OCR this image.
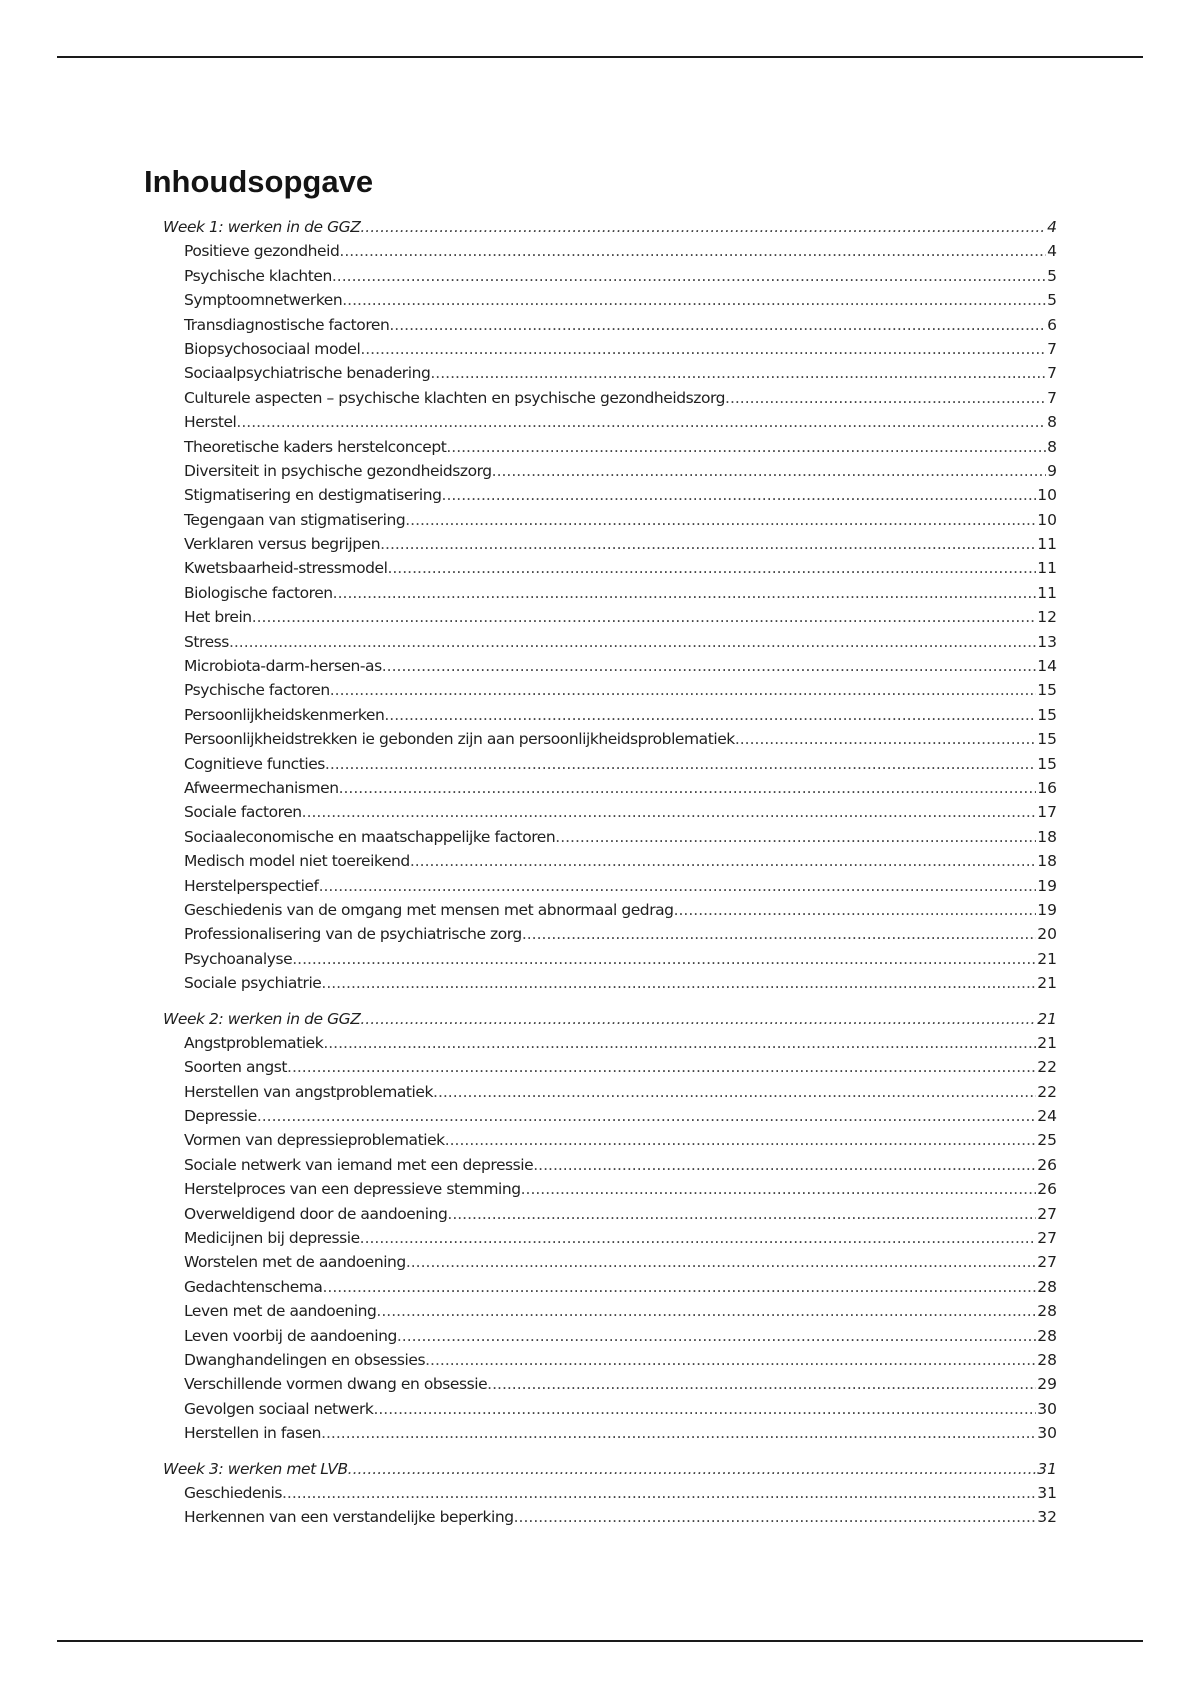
Inhoudsopgave
Week 1: werken in de GGZ .....	4
Positieve gezondheid .....	4
Psychische klachten .....	5
Symptoomnetwerken .....	5
Transdiagnostische factoren .....	6
Biopsychosociaal model .....	7
Sociaalpsychiatrische benadering .....	7
Culturele aspecten – psychische klachten en psychische gezondheidszorg .....	7
Herstel .....	8
Theoretische kaders herstelconcept .....	8
Diversiteit in psychische gezondheidszorg .....	9
Stigmatisering en destigmatisering .....	10
Tegengaan van stigmatisering .....	10
Verklaren versus begrijpen .....	11
Kwetsbaarheid-stressmodel .....	11
Biologische factoren .....	11
Het brein .....	12
Stress .....	13
Microbiota-darm-hersen-as .....	14
Psychische factoren .....	15
Persoonlijkheidskenmerken .....	15
Persoonlijkheidstrekken ie gebonden zijn aan persoonlijkheidsproblematiek .....	15
Cognitieve functies .....	15
Afweermechanismen .....	16
Sociale factoren .....	17
Sociaaleconomische en maatschappelijke factoren .....	18
Medisch model niet toereikend .....	18
Herstelperspectief .....	19
Geschiedenis van de omgang met mensen met abnormaal gedrag .....	19
Professionalisering van de psychiatrische zorg .....	20
Psychoanalyse .....	21
Sociale psychiatrie .....	21
Week 2: werken in de GGZ .....	21
Angstproblematiek .....	21
Soorten angst .....	22
Herstellen van angstproblematiek .....	22
Depressie .....	24
Vormen van depressieproblematiek .....	25
Sociale netwerk van iemand met een depressie .....	26
Herstelproces van een depressieve stemming .....	26
Overweldigend door de aandoening .....	27
Medicijnen bij depressie .....	27
Worstelen met de aandoening .....	27
Gedachtenschema .....	28
Leven met de aandoening .....	28
Leven voorbij de aandoening .....	28
Dwanghandelingen en obsessies .....	28
Verschillende vormen dwang en obsessie .....	29
Gevolgen sociaal netwerk .....	30
Herstellen in fasen .....	30
Week 3: werken met LVB .....	31
Geschiedenis .....	31
Herkennen van een verstandelijke beperking .....	32
